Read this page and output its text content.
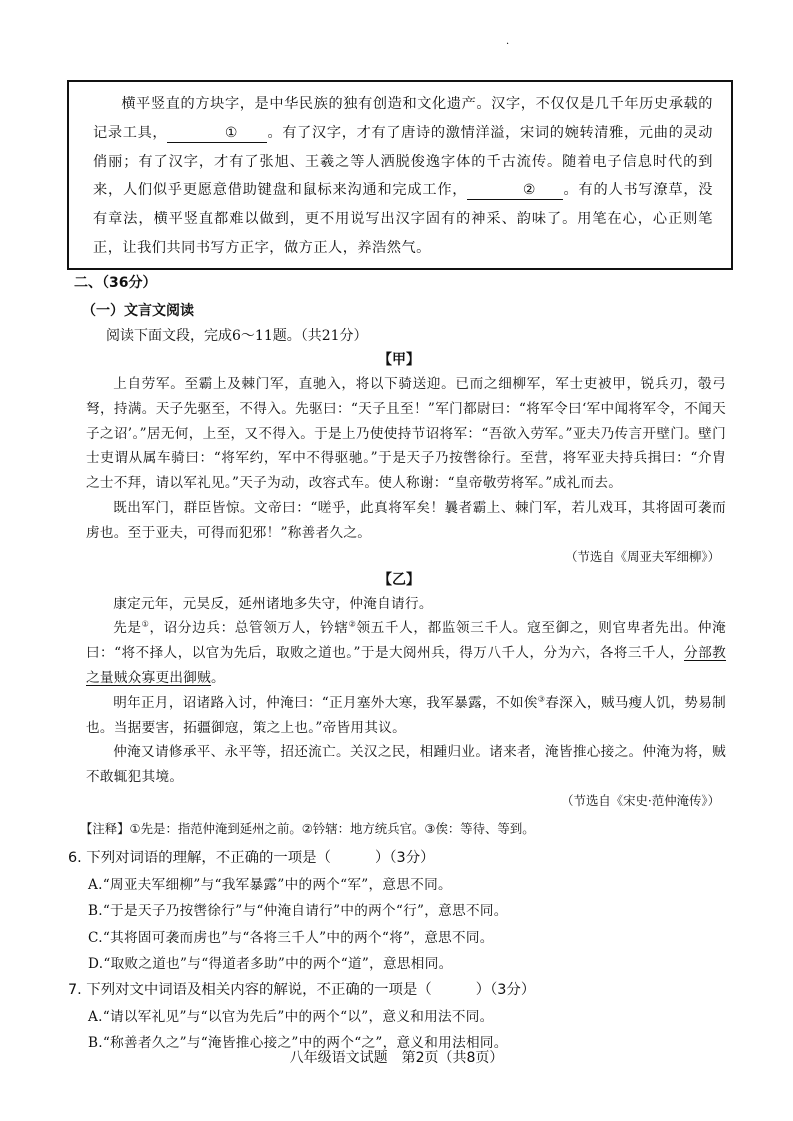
·

横平竖直的方块字，是中华民族的独有创造和文化遗产。汉字，不仅仅是几千年历史承载的记录工具，	① 。有了汉字，才有了唐诗的激情洋溢，宋词的婉转清雅，元曲的灵动俏丽；有了汉字，才有了张旭、王羲之等人洒脱俊逸字体的千古流传。随着电子信息时代的到来，人们似乎更愿意借助键盘和鼠标来沟通和完成工作，	② 。有的人书写潦草，没有章法，横平竖直都难以做到，更不用说写出汉字固有的神采、韵味了。用笔在心，心正则笔正，让我们共同书写方正字，做方正人，养浩然气。

二、（36分）
（一）文言文阅读
阅读下面文段，完成6～11题。（共21分）
【甲】

上自劳军。至霸上及棘门军，直驰入，将以下骑送迎。已而之细柳军，军士吏被甲，锐兵刃，彀弓弩，持满。天子先驱至，不得入。先驱曰：“天子且至！”军门都尉曰：“将军令曰‘军中闻将军令，不闻天子之诏’。”居无何，上至，又不得入。于是上乃使使持节诏将军：“吾欲入劳军。”亚夫乃传言开壁门。壁门士吏谓从属车骑曰：“将军约，军中不得驱驰。”于是天子乃按辔徐行。至营，将军亚夫持兵揖曰：“介胄之士不拜，请以军礼见。”天子为动，改容式车。使人称谢：“皇帝敬劳将军。”成礼而去。

既出军门，群臣皆惊。文帝曰：“嗟乎，此真将军矣！曩者霸上、棘门军，若儿戏耳，其将固可袭而虏也。至于亚夫，可得而犯邪！”称善者久之。

（节选自《周亚夫军细柳》）
【乙】

康定元年，元昊反，延州诸地多失守，仲淹自请行。

先是①，诏分边兵：总管领万人，钤辖②领五千人，都监领三千人。寇至御之，则官卑者先出。仲淹曰：“将不择人，以官为先后，取败之道也。”于是大阅州兵，得万八千人，分为六，各将三千人，分部教之量贼众寡更出御贼。

明年正月，诏诸路入讨，仲淹曰：“正月塞外大寒，我军暴露，不如俟③春深入，贼马瘦人饥，势易制也。当据要害，拓疆御寇，策之上也。”帝皆用其议。

仲淹又请修承平、永平等，招还流亡。关汉之民，相踵归业。诸来者，淹皆推心接之。仲淹为将，贼不敢辄犯其境。

（节选自《宋史·范仲淹传》）
【注释】①先是：指范仲淹到延州之前。②钤辖：地方统兵官。③俟：等待、等到。
6. 下列对词语的理解，不正确的一项是（	）（3分）
A.“周亚夫军细柳”与“我军暴露”中的两个“军”，意思不同。
B.“于是天子乃按辔徐行”与“仲淹自请行”中的两个“行”，意思不同。
C.“其将固可袭而虏也”与“各将三千人”中的两个“将”，意思不同。
D.“取败之道也”与“得道者多助”中的两个“道”，意思相同。
7. 下列对文中词语及相关内容的解说，不正确的一项是（	）（3分）
A.“请以军礼见”与“以官为先后”中的两个“以”，意义和用法不同。
B.“称善者久之”与“淹皆推心接之”中的两个“之”，意义和用法相同。
八年级语文试题　第2页（共8页）
